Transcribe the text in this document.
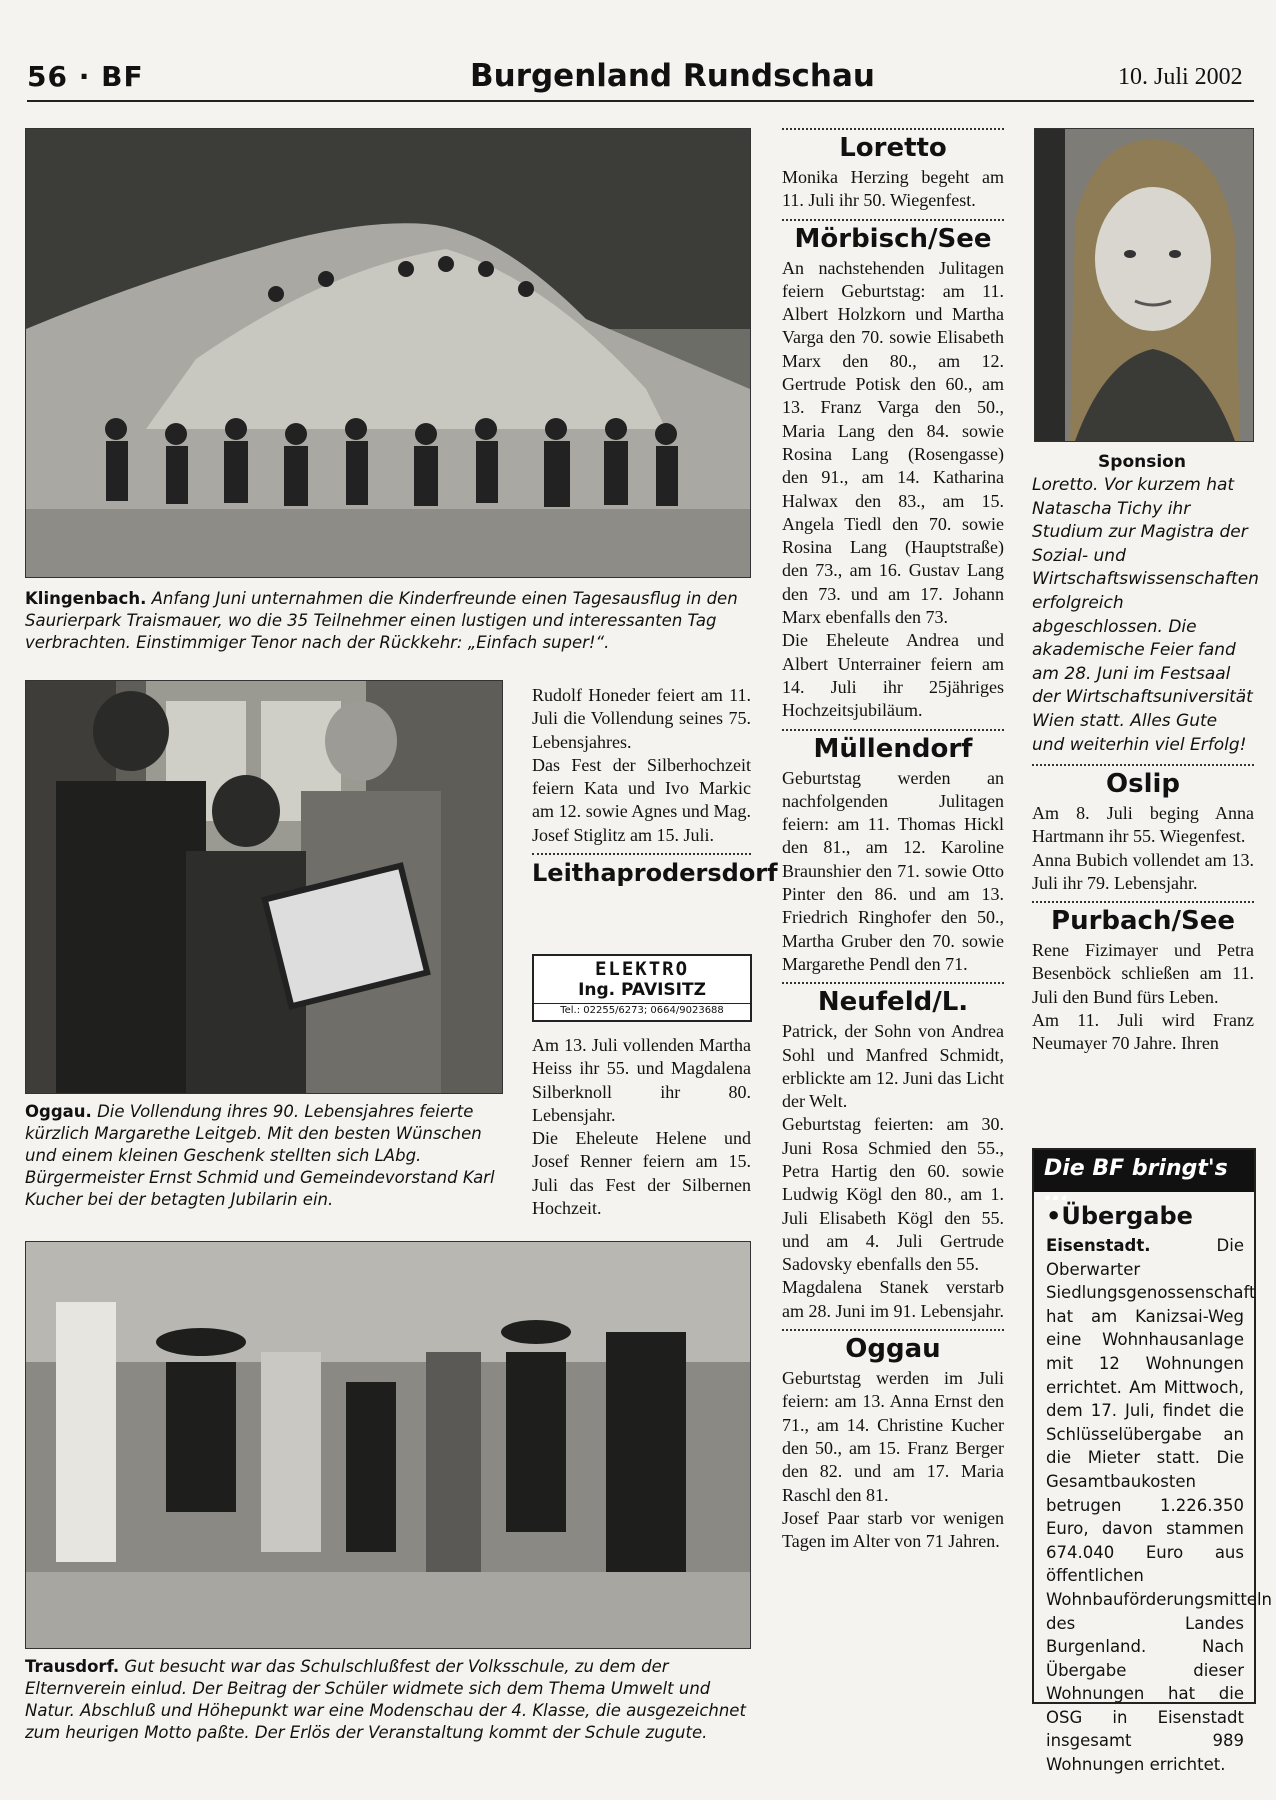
56 · BF	Burgenland Rundschau	10. Juli 2002
Klingenbach. Anfang Juni unternahmen die Kinderfreunde einen Tagesausflug in den Saurierpark Traismauer, wo die 35 Teilnehmer einen lustigen und interessanten Tag verbrachten. Einstimmiger Tenor nach der Rückkehr: „Einfach super!“.
Oggau. Die Vollendung ihres 90. Lebensjahres feierte kürzlich Margarethe Leitgeb. Mit den besten Wünschen und einem kleinen Geschenk stellten sich LAbg. Bürgermeister Ernst Schmid und Gemeindevorstand Karl Kucher bei der betagten Jubilarin ein.
Trausdorf. Gut besucht war das Schulschlußfest der Volksschule, zu dem der Elternverein einlud. Der Beitrag der Schüler widmete sich dem Thema Umwelt und Natur. Abschluß und Höhepunkt war eine Modenschau der 4. Klasse, die ausgezeichnet zum heurigen Motto paßte. Der Erlös der Veranstaltung kommt der Schule zugute.

Rudolf Honeder feiert am 11. Juli die Vollendung seines 75. Lebensjahres.

Das Fest der Silberhochzeit feiern Kata und Ivo Markic am 12. sowie Agnes und Mag. Josef Stiglitz am 15. Juli.

Leithaprodersdorf
ELEKTRO
Ing. PAVISITZ
Tel.: 02255/6273; 0664/9023688

Am 13. Juli vollenden Martha Heiss ihr 55. und Magdalena Silberknoll ihr 80. Lebensjahr.

Die Eheleute Helene und Josef Renner feiern am 15. Juli das Fest der Silbernen Hochzeit.

Loretto

Monika Herzing begeht am 11. Juli ihr 50. Wiegenfest.

Mörbisch/See

An nachstehenden Julitagen feiern Geburtstag: am 11. Albert Holzkorn und Martha Varga den 70. sowie Elisabeth Marx den 80., am 12. Gertrude Potisk den 60., am 13. Franz Varga den 50., Maria Lang den 84. sowie Rosina Lang (Rosengasse) den 91., am 14. Katharina Halwax den 83., am 15. Angela Tiedl den 70. sowie Rosina Lang (Hauptstraße) den 73., am 16. Gustav Lang den 73. und am 17. Johann Marx ebenfalls den 73.

Die Eheleute Andrea und Albert Unterrainer feiern am 14. Juli ihr 25jähriges Hochzeitsjubiläum.

Müllendorf

Geburtstag werden an nachfolgenden Julitagen feiern: am 11. Thomas Hickl den 81., am 12. Karoline Braunshier den 71. sowie Otto Pinter den 86. und am 13. Friedrich Ringhofer den 50., Martha Gruber den 70. sowie Margarethe Pendl den 71.

Neufeld/L.

Patrick, der Sohn von Andrea Sohl und Manfred Schmidt, erblickte am 12. Juni das Licht der Welt.

Geburtstag feierten: am 30. Juni Rosa Schmied den 55., Petra Hartig den 60. sowie Ludwig Kögl den 80., am 1. Juli Elisabeth Kögl den 55. und am 4. Juli Gertrude Sadovsky ebenfalls den 55.

Magdalena Stanek verstarb am 28. Juni im 91. Lebensjahr.

Oggau

Geburtstag werden im Juli feiern: am 13. Anna Ernst den 71., am 14. Christine Kucher den 50., am 15. Franz Berger den 82. und am 17. Maria Raschl den 81.

Josef Paar starb vor wenigen Tagen im Alter von 71 Jahren.

Sponsion
Loretto. Vor kurzem hat Natascha Tichy ihr Studium zur Magistra der Sozial- und Wirtschaftswissenschaften erfolgreich abgeschlossen. Die akademische Feier fand am 28. Juni im Festsaal der Wirtschaftsuniversität Wien statt. Alles Gute und weiterhin viel Erfolg!
Oslip

Am 8. Juli beging Anna Hartmann ihr 55. Wiegenfest.

Anna Bubich vollendet am 13. Juli ihr 79. Lebensjahr.

Purbach/See

Rene Fizimayer und Petra Besenböck schließen am 11. Juli den Bund fürs Leben.

Am 11. Juli wird Franz Neumayer 70 Jahre. Ihren

Die BF bringt's ...
•Übergabe
Eisenstadt.	Die Oberwarter Siedlungsgenossenschaft hat am Kanizsai-Weg eine Wohnhausanlage mit 12 Wohnungen errichtet. Am Mittwoch, dem 17. Juli, findet die Schlüsselübergabe an die Mieter statt. Die Gesamtbaukosten betrugen 1.226.350 Euro, davon stammen 674.040 Euro aus öffentlichen Wohnbauförderungsmitteln des Landes Burgenland. Nach Übergabe dieser Wohnungen hat die OSG in Eisenstadt insgesamt 989 Wohnungen errichtet.
